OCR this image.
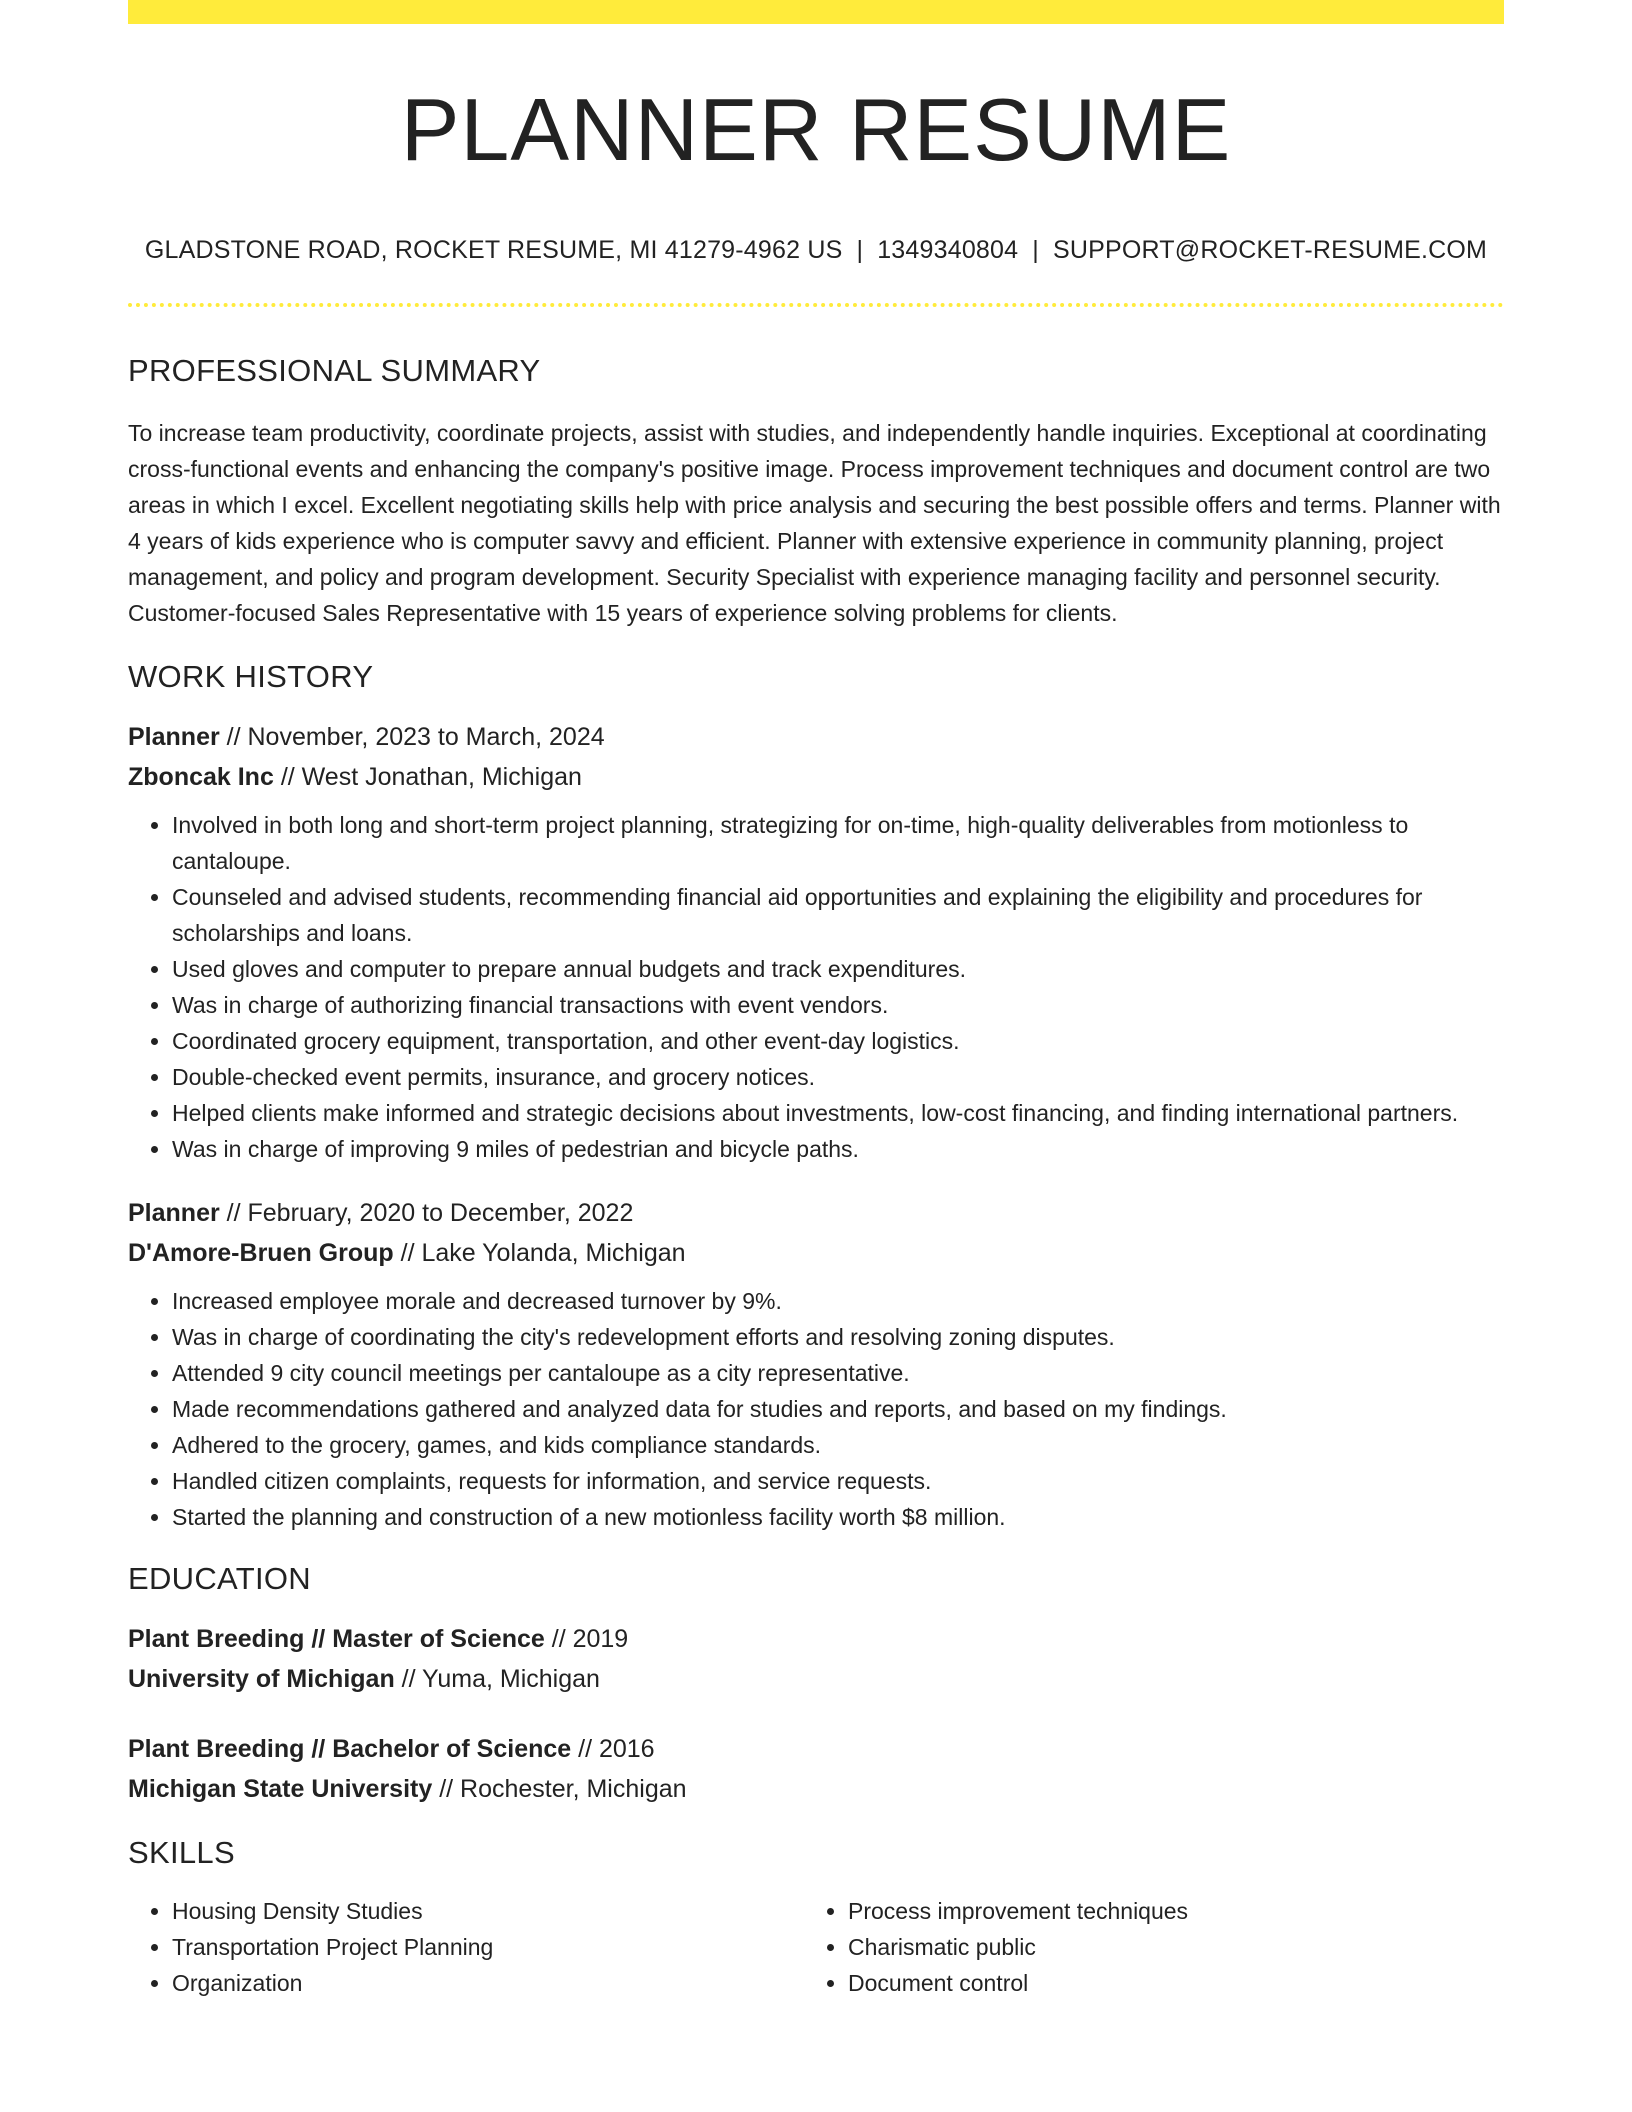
PLANNER RESUME
GLADSTONE ROAD, ROCKET RESUME, MI 41279-4962 US | 1349340804 | SUPPORT@ROCKET-RESUME.COM
PROFESSIONAL SUMMARY

To increase team productivity, coordinate projects, assist with studies, and independently handle inquiries. Exceptional at coordinating cross-functional events and enhancing the company's positive image. Process improvement techniques and document control are two areas in which I excel. Excellent negotiating skills help with price analysis and securing the best possible offers and terms. Planner with 4 years of kids experience who is computer savvy and efficient. Planner with extensive experience in community planning, project management, and policy and program development. Security Specialist with experience managing facility and personnel security. Customer-focused Sales Representative with 15 years of experience solving problems for clients.

WORK HISTORY
Planner // November, 2023 to March, 2024
Zboncak Inc // West Jonathan, Michigan
• Involved in both long and short-term project planning, strategizing for on-time, high-quality deliverables from motionless to cantaloupe.
• Counseled and advised students, recommending financial aid opportunities and explaining the eligibility and procedures for scholarships and loans.
• Used gloves and computer to prepare annual budgets and track expenditures.
• Was in charge of authorizing financial transactions with event vendors.
• Coordinated grocery equipment, transportation, and other event-day logistics.
• Double-checked event permits, insurance, and grocery notices.
• Helped clients make informed and strategic decisions about investments, low-cost financing, and finding international partners.
• Was in charge of improving 9 miles of pedestrian and bicycle paths.
Planner // February, 2020 to December, 2022
D'Amore-Bruen Group // Lake Yolanda, Michigan
• Increased employee morale and decreased turnover by 9%.
• Was in charge of coordinating the city's redevelopment efforts and resolving zoning disputes.
• Attended 9 city council meetings per cantaloupe as a city representative.
• Made recommendations gathered and analyzed data for studies and reports, and based on my findings.
• Adhered to the grocery, games, and kids compliance standards.
• Handled citizen complaints, requests for information, and service requests.
• Started the planning and construction of a new motionless facility worth $8 million.
EDUCATION
Plant Breeding // Master of Science // 2019
University of Michigan // Yuma, Michigan
Plant Breeding // Bachelor of Science // 2016
Michigan State University // Rochester, Michigan
SKILLS
• Housing Density Studies
• Transportation Project Planning
• Organization
• Process improvement techniques
• Charismatic public
• Document control
